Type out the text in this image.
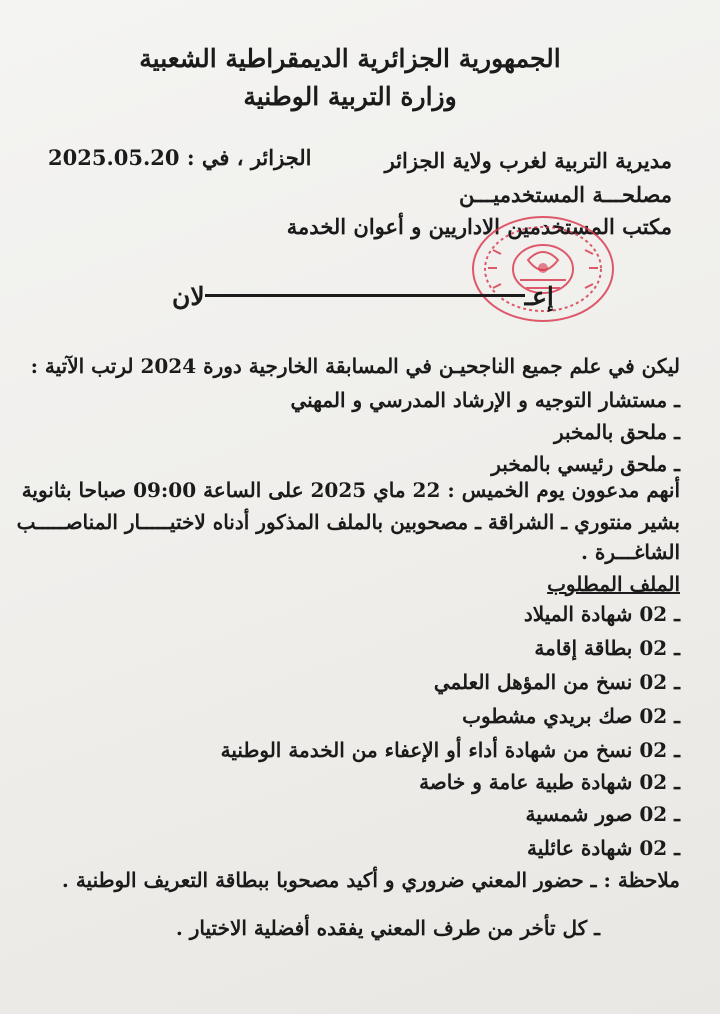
الجمهورية الجزائرية الديمقراطية الشعبية
وزارة التربية الوطنية
مديرية التربية لغرب ولاية الجزائر
مصلحـــة المستخدميـــن
مكتب المستخدمين الاداريين و أعوان الخدمة
الجزائر ، في : 2025.05.20
إعـلان
ليكن في علم جميع الناجحيـن في المسابقة الخارجية دورة 2024 لرتب الآتية :
ـ مستشار التوجيه و الإرشاد المدرسي و المهني
ـ ملحق بالمخبر
ـ ملحق رئيسي بالمخبر
أنهم مدعوون يوم الخميس : 22 ماي 2025 على الساعة 09:00 صباحا بثانوية
بشير منتوري ـ الشراقة ـ مصحوبين بالملف المذكور أدناه لاختيـــــار المناصـــــب
الشاغـــرة .
الملف المطلوب
ـ 02 شهادة الميلاد
ـ 02 بطاقة إقامة
ـ 02 نسخ من المؤهل العلمي
ـ 02 صك بريدي مشطوب
ـ 02 نسخ من شهادة أداء أو الإعفاء من الخدمة الوطنية
ـ 02 شهادة طبية عامة و خاصة
ـ 02 صور شمسية
ـ 02 شهادة عائلية
ملاحظة : ـ حضور المعني ضروري و أكيد مصحوبا ببطاقة التعريف الوطنية .
ـ كل تأخر من طرف المعني يفقده أفضلية الاختيار .
